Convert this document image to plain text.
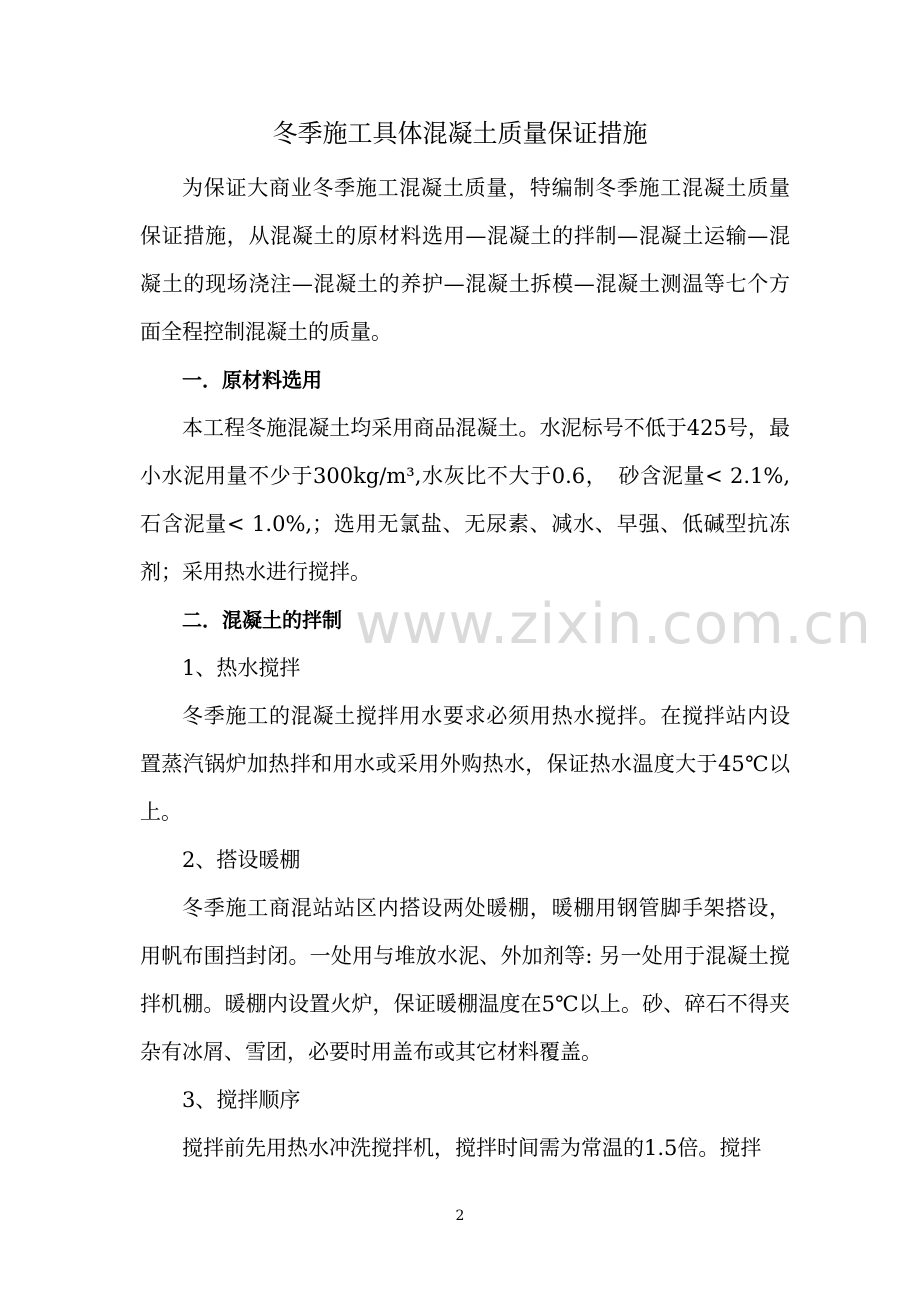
冬季施工具体混凝土质量保证措施

为保证大商业冬季施工混凝土质量，特编制冬季施工混凝土质量保证措施，从混凝土的原材料选用—混凝土的拌制—混凝土运输—混凝土的现场浇注—混凝土的养护—混凝土拆模—混凝土测温等七个方面全程控制混凝土的质量。

一．原材料选用

本工程冬施混凝土均采用商品混凝土。水泥标号不低于425号，最小水泥用量不少于300kg/m³,水灰比不大于0.6，　砂含泥量< 2.1%,石含泥量< 1.0%,；选用无氯盐、无尿素、减水、早强、低碱型抗冻剂；采用热水进行搅拌。

二．混凝土的拌制

1、热水搅拌

冬季施工的混凝土搅拌用水要求必须用热水搅拌。在搅拌站内设置蒸汽锅炉加热拌和用水或采用外购热水，保证热水温度大于45℃以上。

2、搭设暖棚

冬季施工商混站站区内搭设两处暖棚，暖棚用钢管脚手架搭设，用帆布围挡封闭。一处用与堆放水泥、外加剂等: 另一处用于混凝土搅拌机棚。暖棚内设置火炉，保证暖棚温度在5℃以上。砂、碎石不得夹杂有冰屑、雪团，必要时用盖布或其它材料覆盖。

3、搅拌顺序

搅拌前先用热水冲洗搅拌机，搅拌时间需为常温的1.5倍。搅拌

www.zixin.com.cn
2
